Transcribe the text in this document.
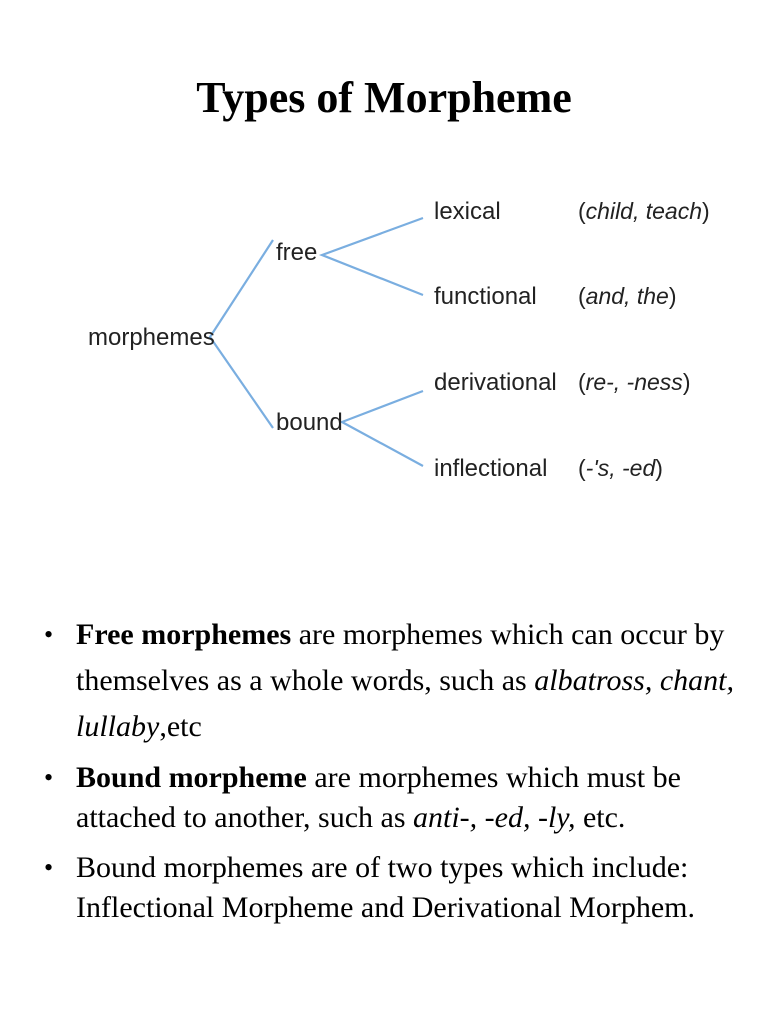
Types of Morpheme
morphemes
free
bound
lexical
functional
derivational
inflectional
(child, teach)
(and, the)
(re-, -ness)
(-'s, -ed)
• Free morphemes are morphemes which can occur by themselves as a whole words, such as albatross, chant, lullaby,etc
• Bound morpheme are morphemes which must be attached to another, such as anti-, -ed, -ly, etc.
• Bound morphemes are of two types which include: Inflectional Morpheme and Derivational Morphem.
